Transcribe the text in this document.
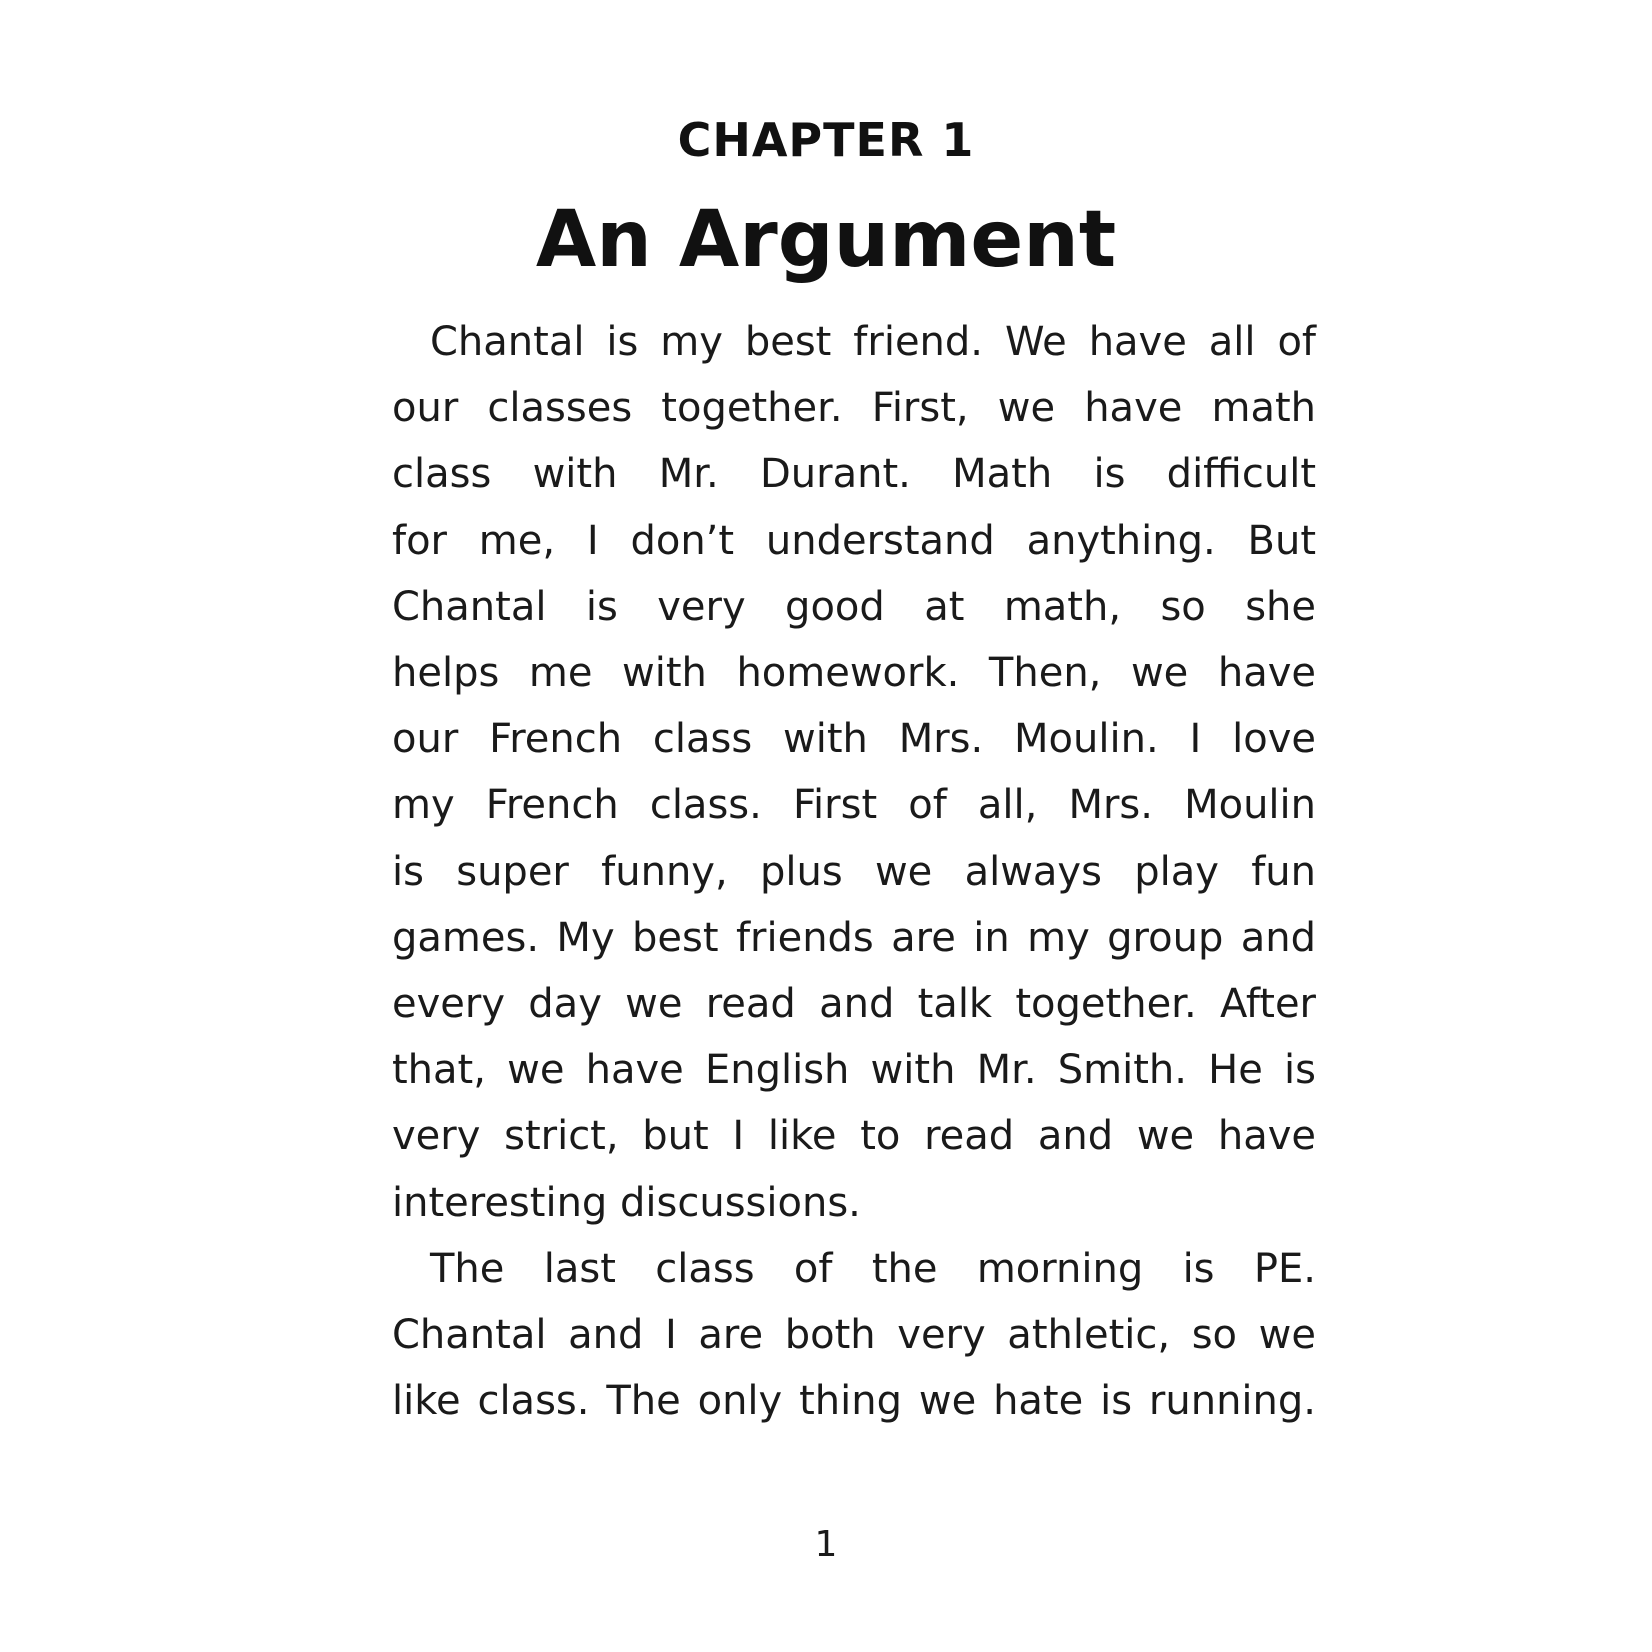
CHAPTER 1
An Argument
Chantal is my best friend. We have all of
our classes together. First, we have math
class with Mr. Durant. Math is difficult
for me, I don’t understand anything. But
Chantal is very good at math, so she
helps me with homework. Then, we have
our French class with Mrs. Moulin. I love
my French class. First of all, Mrs. Moulin
is super funny, plus we always play fun
games. My best friends are in my group and
every day we read and talk together. After
that, we have English with Mr. Smith. He is
very strict, but I like to read and we have
interesting discussions.
The last class of the morning is PE.
Chantal and I are both very athletic, so we
like class. The only thing we hate is running.
1
